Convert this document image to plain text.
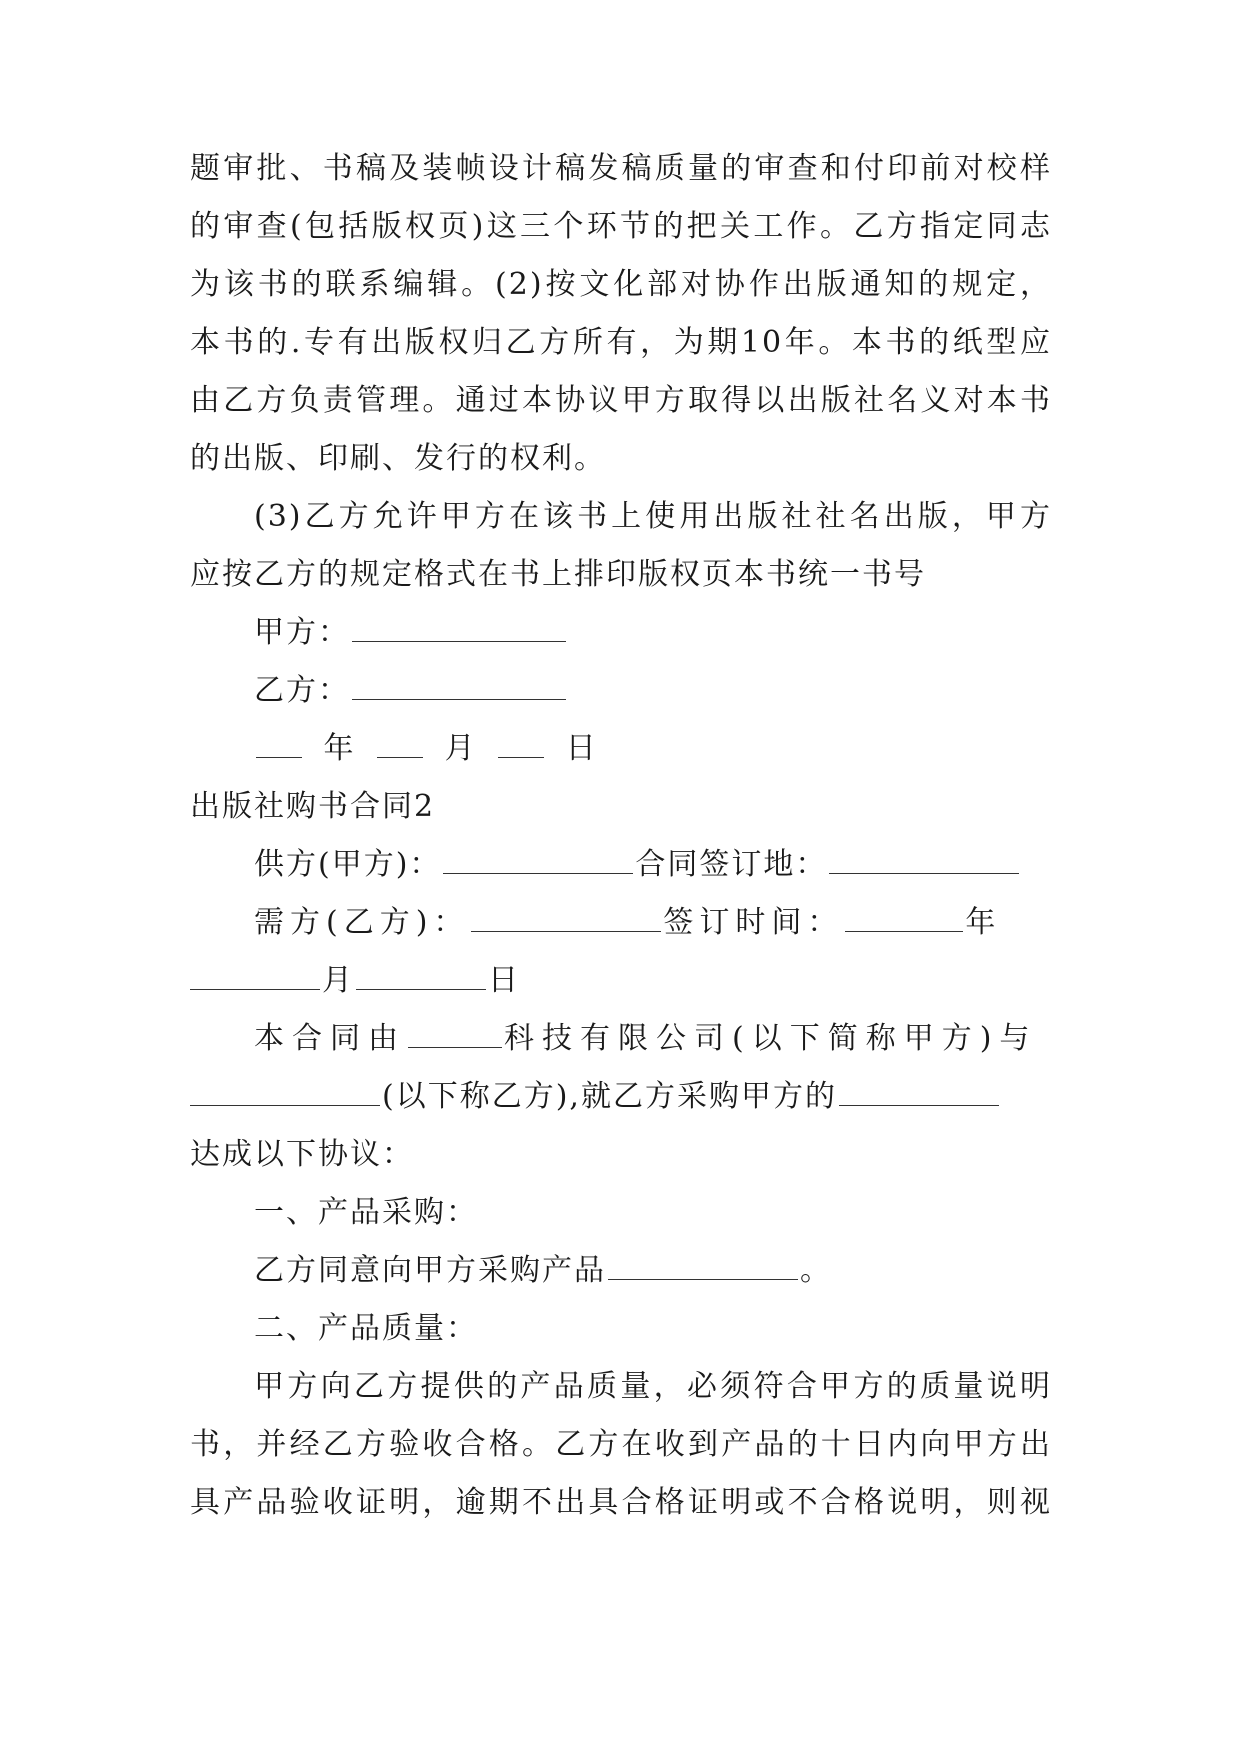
题审批、书稿及装帧设计稿发稿质量的审查和付印前对校样
的审查(包括版权页)这三个环节的把关工作。乙方指定同志
为该书的联系编辑。(2)按文化部对协作出版通知的规定，
本书的.专有出版权归乙方所有，为期10年。本书的纸型应
由乙方负责管理。通过本协议甲方取得以出版社名义对本书
的出版、印刷、发行的权利。
(3)乙方允许甲方在该书上使用出版社社名出版，甲方
应按乙方的规定格式在书上排印版权页本书统一书号
甲方：
乙方：
年	月	日
出版社购书合同2
供方(甲方)：	合同签订地：
需方(乙方)：	签订时间：	年
月	日
本合同由	科技有限公司(以下简称甲方)与
(以下称乙方),就乙方采购甲方的
达成以下协议：
一、产品采购：
乙方同意向甲方采购产品	。
二、产品质量：
甲方向乙方提供的产品质量，必须符合甲方的质量说明
书，并经乙方验收合格。乙方在收到产品的十日内向甲方出
具产品验收证明，逾期不出具合格证明或不合格说明，则视
